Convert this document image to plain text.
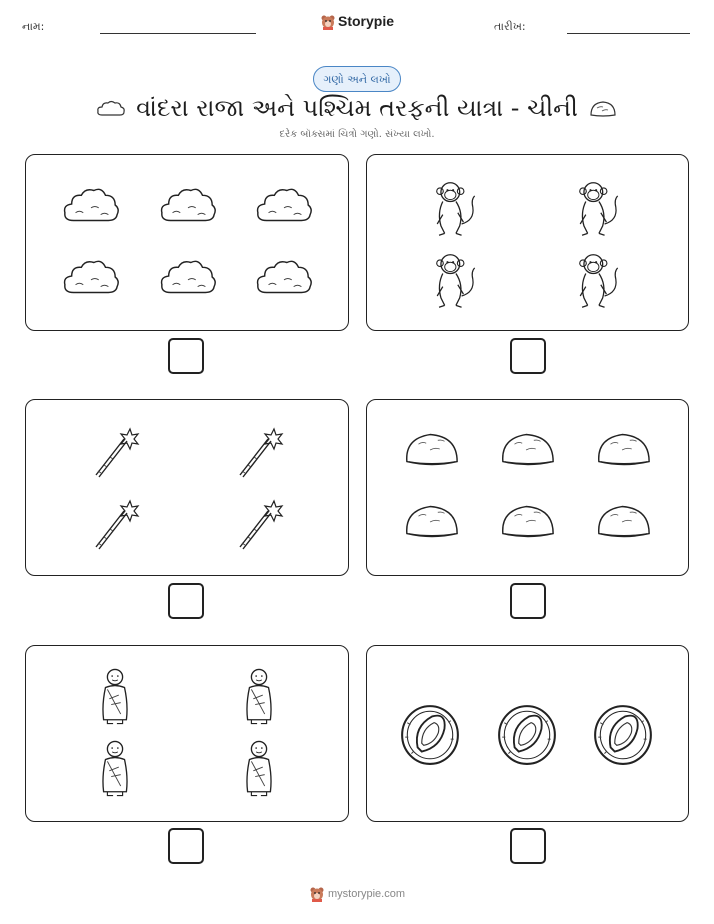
નામ:	Storypie	તારીખ:
ગણો અને લખો
વાંદરા રાજા અને પશ્ચિમ તરફની યાત્રા - ચીની
દરેક બૉક્સમાં ચિત્રો ગણો. સંખ્યા લખો.
mystorypie.com
